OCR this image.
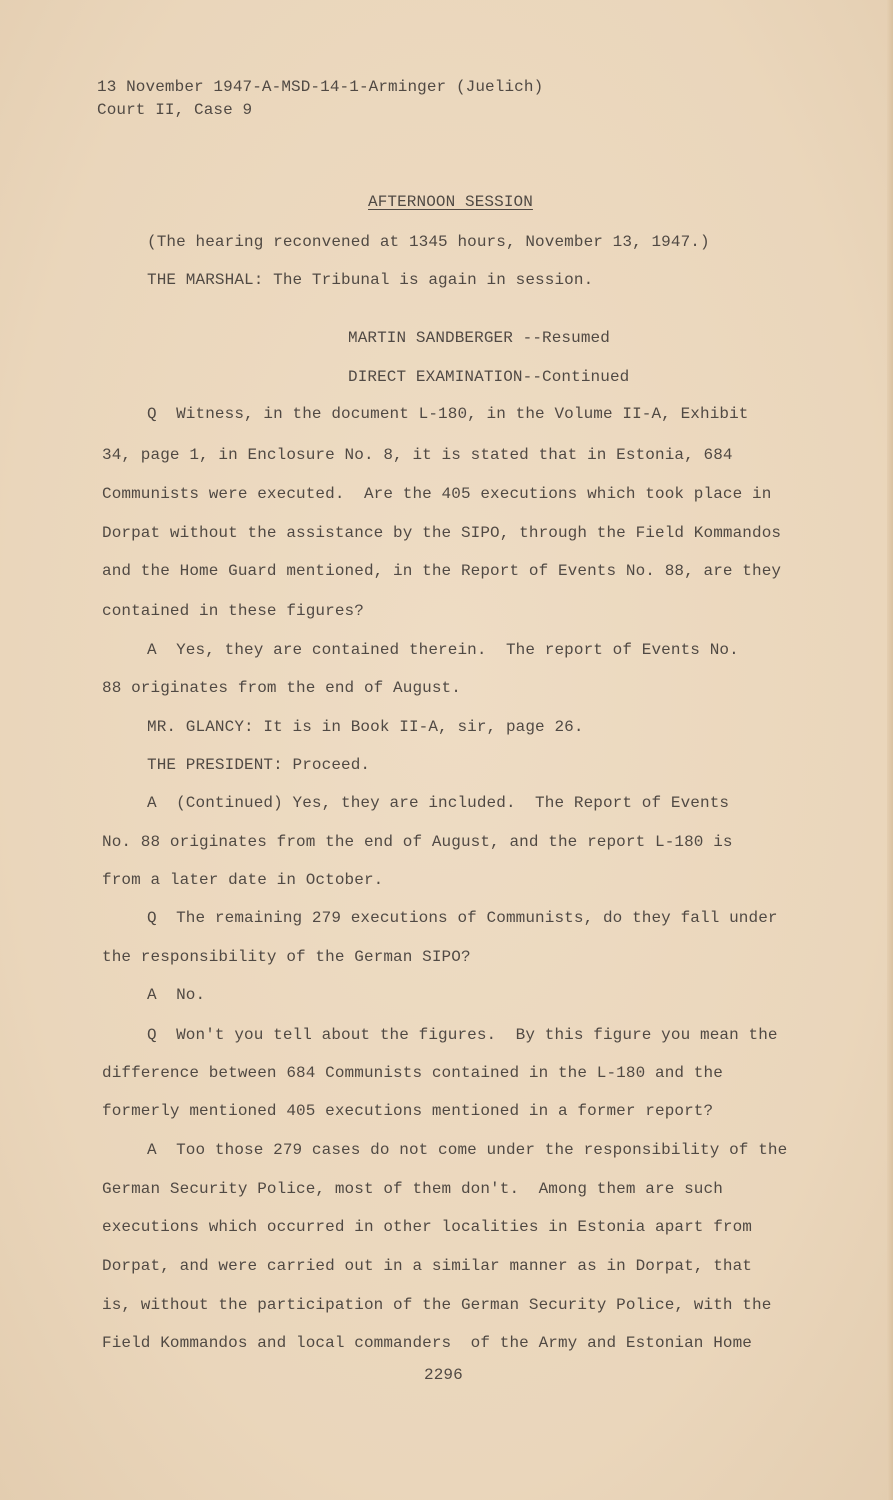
13 November 1947-A-MSD-14-1-Arminger (Juelich)
Court II, Case 9
AFTERNOON SESSION
(The hearing reconvened at 1345 hours, November 13, 1947.)
THE MARSHAL: The Tribunal is again in session.
MARTIN SANDBERGER --Resumed
DIRECT EXAMINATION--Continued
Q  Witness, in the document L-180, in the Volume II-A, Exhibit
34, page 1, in Enclosure No. 8, it is stated that in Estonia, 684
Communists were executed.  Are the 405 executions which took place in
Dorpat without the assistance by the SIPO, through the Field Kommandos
and the Home Guard mentioned, in the Report of Events No. 88, are they
contained in these figures?
A  Yes, they are contained therein.  The report of Events No.
88 originates from the end of August.
MR. GLANCY: It is in Book II-A, sir, page 26.
THE PRESIDENT: Proceed.
A  (Continued) Yes, they are included.  The Report of Events
No. 88 originates from the end of August, and the report L-180 is
from a later date in October.
Q  The remaining 279 executions of Communists, do they fall under
the responsibility of the German SIPO?
A  No.
Q  Won't you tell about the figures.  By this figure you mean the
difference between 684 Communists contained in the L-180 and the
formerly mentioned 405 executions mentioned in a former report?
A  Too those 279 cases do not come under the responsibility of the
German Security Police, most of them don't.  Among them are such
executions which occurred in other localities in Estonia apart from
Dorpat, and were carried out in a similar manner as in Dorpat, that
is, without the participation of the German Security Police, with the
Field Kommandos and local commanders  of the Army and Estonian Home
2296
